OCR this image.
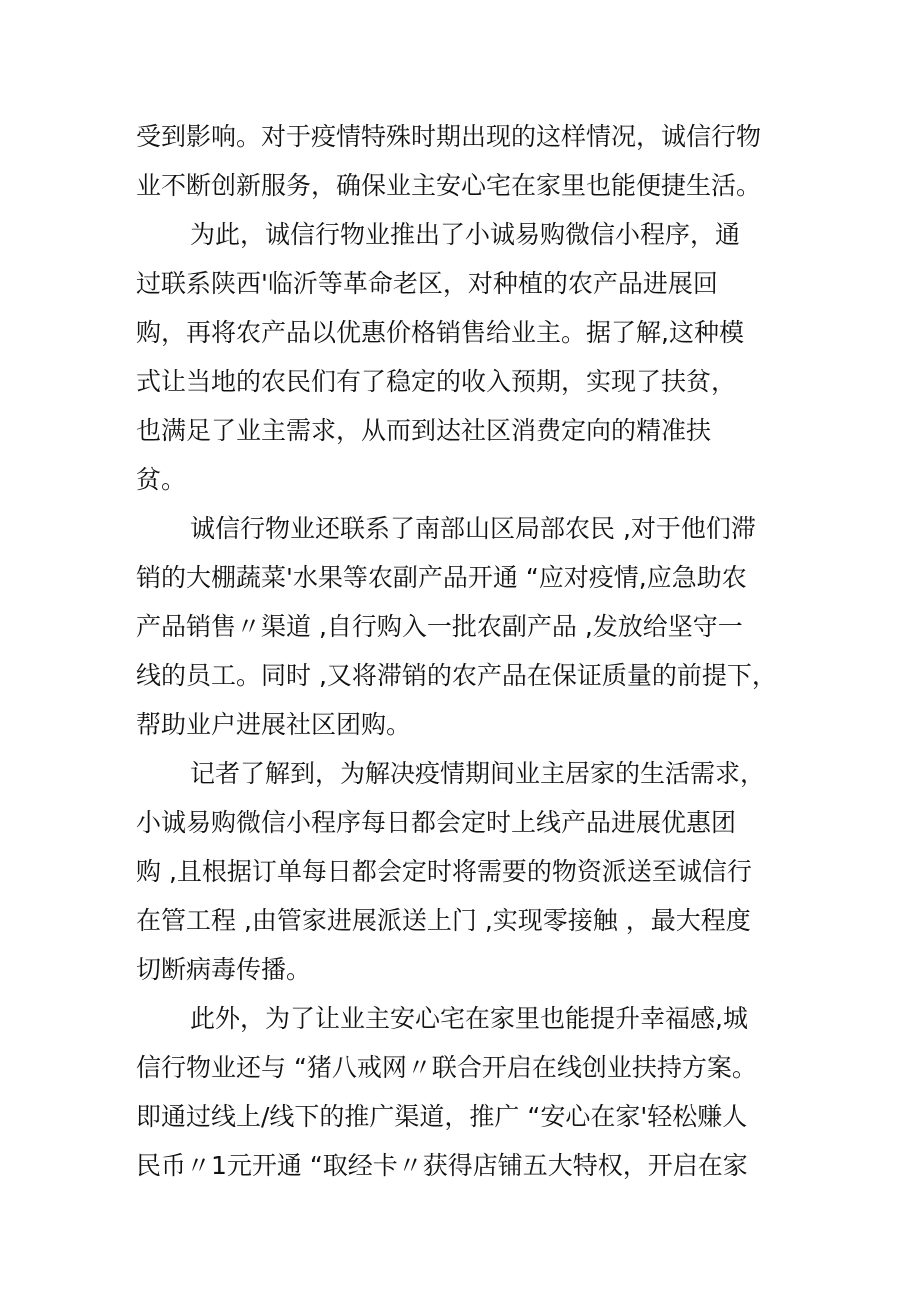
受到影响。对于疫情特殊时期出现的这样情况，诚信行物
业不断创新服务，确保业主安心宅在家里也能便捷生活。
为此，诚信行物业推出了小诚易购微信小程序，通
过联系陕西'临沂等革命老区，对种植的农产品进展回
购，再将农产品以优惠价格销售给业主。据了解,这种模
式让当地的农民们有了稳定的收入预期，实现了扶贫，
也满足了业主需求，从而到达社区消费定向的精准扶
贫。
诚信行物业还联系了南部山区局部农民 ,对于他们滞
销的大棚蔬菜'水果等农副产品开通 “应对疫情,应急助农
产品销售〃渠道 ,自行购入一批农副产品 ,发放给坚守一
线的员工。同时 ,又将滞销的农产品在保证质量的前提下，
帮助业户进展社区团购。
记者了解到，为解决疫情期间业主居家的生活需求，
小诚易购微信小程序每日都会定时上线产品进展优惠团
购 ,且根据订单每日都会定时将需要的物资派送至诚信行
在管工程 ,由管家进展派送上门 ,实现零接触 ，最大程度
切断病毒传播。
此外，为了让业主安心宅在家里也能提升幸福感,城
信行物业还与 “猪八戒网〃联合开启在线创业扶持方案。
即通过线上/线下的推广渠道，推广 “安心在家'轻松赚人
民币〃1元开通 “取经卡〃获得店铺五大特权，开启在家
